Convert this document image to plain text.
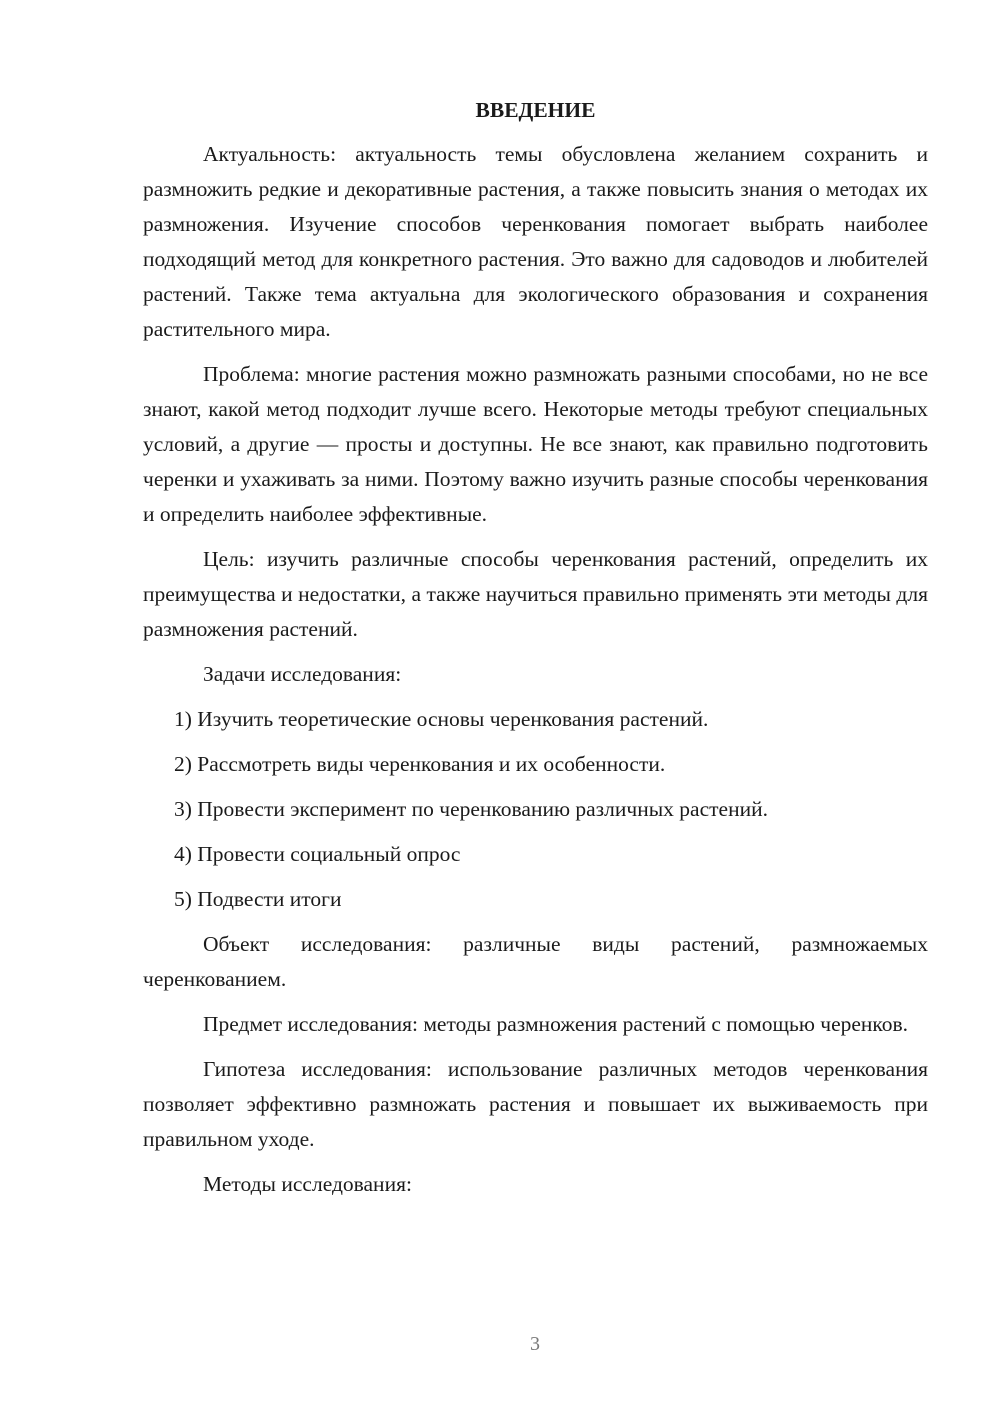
ВВЕДЕНИЕ

Актуальность: актуальность темы обусловлена желанием сохранить и размножить редкие и декоративные растения, а также повысить знания о методах их размножения. Изучение способов черенкования помогает выбрать наиболее подходящий метод для конкретного растения. Это важно для садоводов и любителей растений. Также тема актуальна для экологического образования и сохранения растительного мира.

Проблема: многие растения можно размножать разными способами, но не все знают, какой метод подходит лучше всего. Некоторые методы требуют специальных условий, а другие — просты и доступны. Не все знают, как правильно подготовить черенки и ухаживать за ними. Поэтому важно изучить разные способы черенкования и определить наиболее эффективные.

Цель: изучить различные способы черенкования растений, определить их преимущества и недостатки, а также научиться правильно применять эти методы для размножения растений.

Задачи исследования:

1) Изучить теоретические основы черенкования растений.
2) Рассмотреть виды черенкования и их особенности.
3) Провести эксперимент по черенкованию различных растений.
4) Провести социальный опрос
5) Подвести итоги

Объект исследования: различные виды растений, размножаемых черенкованием.

Предмет исследования: методы размножения растений с помощью черенков.

Гипотеза исследования: использование различных методов черенкования позволяет эффективно размножать растения и повышает их выживаемость при правильном уходе.

Методы исследования:

3
